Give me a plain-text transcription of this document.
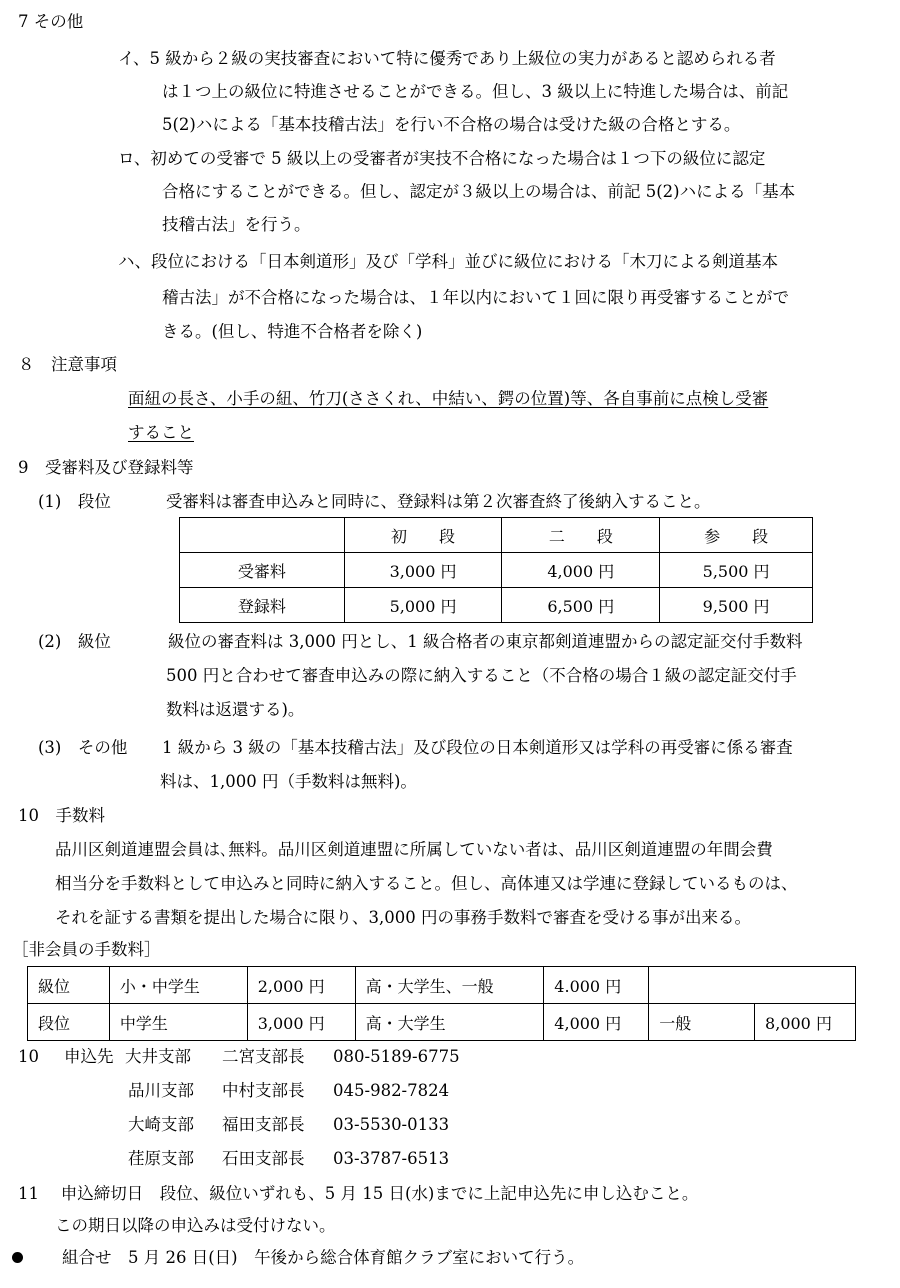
7 その他
イ、5 級から２級の実技審査において特に優秀であり上級位の実力があると認められる者
は１つ上の級位に特進させることができる。但し、3 級以上に特進した場合は、前記
5(2)ハによる「基本技稽古法」を行い不合格の場合は受けた級の合格とする。
ロ、初めての受審で 5 級以上の受審者が実技不合格になった場合は１つ下の級位に認定
合格にすることができる。但し、認定が３級以上の場合は、前記 5(2)ハによる「基本
技稽古法」を行う。
ハ、段位における「日本剣道形」及び「学科」並びに級位における「木刀による剣道基本
稽古法」が不合格になった場合は、１年以内において１回に限り再受審することがで
きる。(但し、特進不合格者を除く)
８　注意事項
面紐の長さ、小手の紐、竹刀(ささくれ、中結い、鍔の位置)等、各自事前に点検し受審
すること
9　受審料及び登録料等
(1)　段位	受審料は審査申込みと同時に、登録料は第２次審査終了後納入すること。
	初　　段	二　　段	参　　段
受審料	3,000 円	4,000 円	5,500 円
登録料	5,000 円	6,500 円	9,500 円
(2)　級位	級位の審査料は 3,000 円とし、1 級合格者の東京都剣道連盟からの認定証交付手数料
500 円と合わせて審査申込みの際に納入すること（不合格の場合１級の認定証交付手
数料は返還する)。
(3)　その他 1 級から 3 級の「基本技稽古法」及び段位の日本剣道形又は学科の再受審に係る審査
料は、1,000 円（手数料は無料)。
10　手数料
品川区剣道連盟会員は､無料。品川区剣道連盟に所属していない者は、品川区剣道連盟の年間会費
相当分を手数料として申込みと同時に納入すること。但し、高体連又は学連に登録しているものは、
それを証する書類を提出した場合に限り、3,000 円の事務手数料で審査を受ける事が出来る。
［非会員の手数料］
級位	小・中学生	2,000 円	高・大学生、一般	4.000 円		
段位	中学生	3,000 円	高・大学生	4,000 円	一般	8,000 円
10 申込先 大井支部 二宮支部長 080-5189-6775
品川支部 中村支部長 045-982-7824
大崎支部 福田支部長 03-5530-0133
荏原支部 石田支部長 03-3787-6513
11　 申込締切日　段位、級位いずれも、5 月 15 日(水)までに上記申込先に申し込むこと。
この期日以降の申込みは受付けない。
組合せ　5 月 26 日(日)　午後から総合体育館クラブ室において行う。
